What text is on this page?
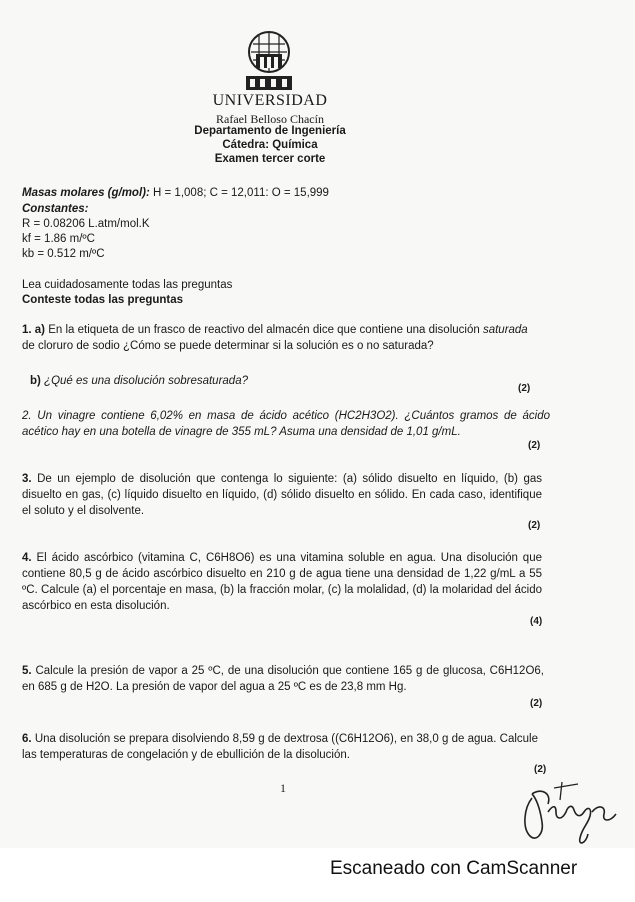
UNIVERSIDAD
Rafael Belloso Chacín
Departamento de Ingeniería
Cátedra: Química
Examen tercer corte
Masas molares (g/mol): H = 1,008; C = 12,011: O = 15,999
Constantes:
R = 0.08206 L.atm/mol.K
kf = 1.86 m/ºC
kb = 0.512 m/ºC
Lea cuidadosamente todas las preguntas
Conteste todas las preguntas
1. a) En la etiqueta de un frasco de reactivo del almacén dice que contiene una disolución saturada de cloruro de sodio ¿Cómo se puede determinar si la solución es o no saturada?
b) ¿Qué es una disolución sobresaturada?
(2)
2. Un vinagre contiene 6,02% en masa de ácido acético (HC2H3O2). ¿Cuántos gramos de ácido acético hay en una botella de vinagre de 355 mL? Asuma una densidad de 1,01 g/mL.
(2)
3. De un ejemplo de disolución que contenga lo siguiente: (a) sólido disuelto en líquido, (b) gas disuelto en gas, (c) líquido disuelto en líquido, (d) sólido disuelto en sólido. En cada caso, identifique el soluto y el disolvente.
(2)
4. El ácido ascórbico (vitamina C, C6H8O6) es una vitamina soluble en agua. Una disolución que contiene 80,5 g de ácido ascórbico disuelto en 210 g de agua tiene una densidad de 1,22 g/mL a 55 ºC. Calcule (a) el porcentaje en masa, (b) la fracción molar, (c) la molalidad, (d) la molaridad del ácido ascórbico en esta disolución.
(4)
5. Calcule la presión de vapor a 25 ºC, de una disolución que contiene 165 g de glucosa, C6H12O6, en 685 g de H2O. La presión de vapor del agua a 25 ºC es de 23,8 mm Hg.
(2)
6. Una disolución se prepara disolviendo 8,59 g de dextrosa ((C6H12O6), en 38,0 g de agua. Calcule las temperaturas de congelación y de ebullición de la disolución.
(2)
1
Escaneado con CamScanner
